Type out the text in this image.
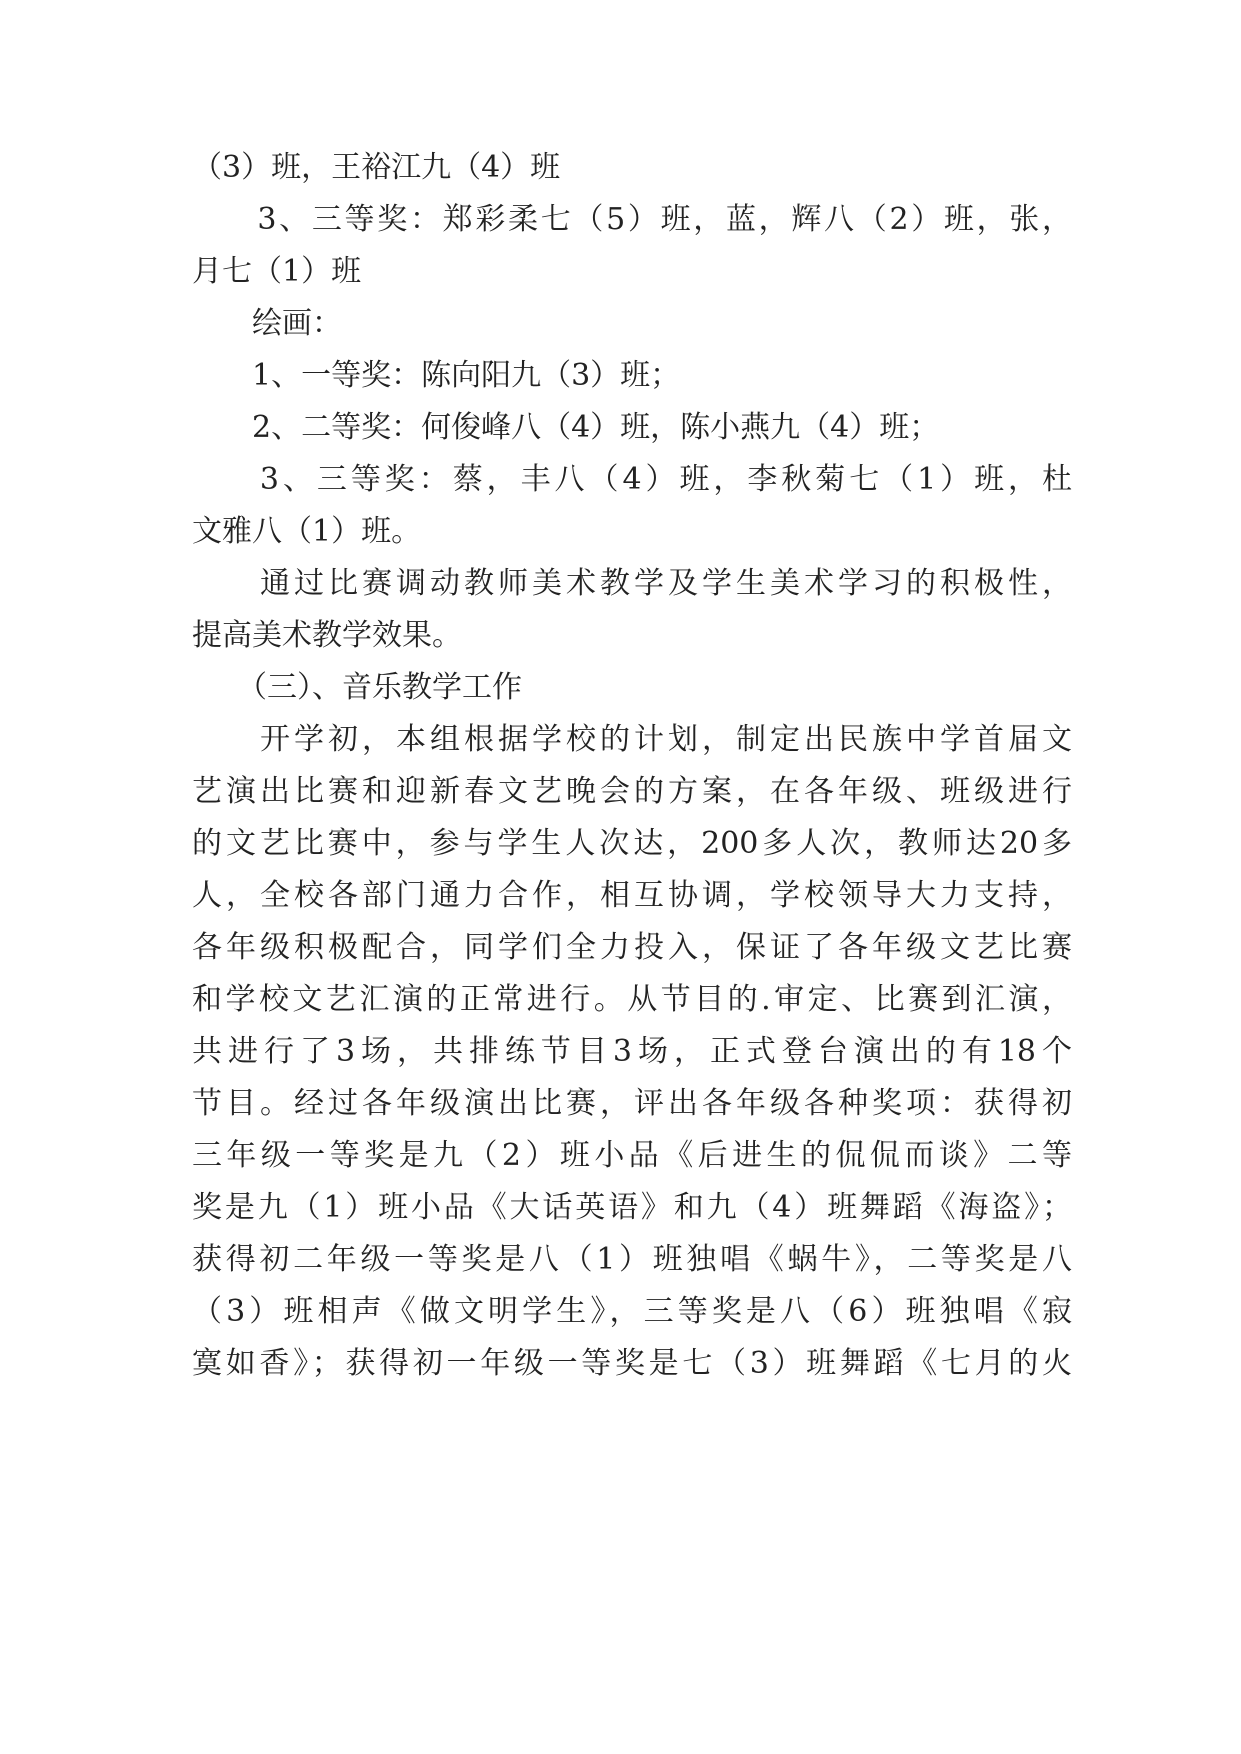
（3）班，王裕江九（4）班
　　3、三等奖：郑彩柔七（5）班，蓝，辉八（2）班，张，
月七（1）班
　　绘画：
　　1、一等奖：陈向阳九（3）班；
　　2、二等奖：何俊峰八（4）班，陈小燕九（4）班；
　　3、三等奖：蔡，丰八（4）班，李秋菊七（1）班，杜
文雅八（1）班。
　　通过比赛调动教师美术教学及学生美术学习的积极性，
提高美术教学效果。
　　（三）、音乐教学工作
　　开学初，本组根据学校的计划，制定出民族中学首届文
艺演出比赛和迎新春文艺晚会的方案，在各年级、班级进行
的文艺比赛中，参与学生人次达，200多人次，教师达20多
人，全校各部门通力合作，相互协调，学校领导大力支持，
各年级积极配合，同学们全力投入，保证了各年级文艺比赛
和学校文艺汇演的正常进行。从节目的.审定、比赛到汇演，
共进行了3场，共排练节目3场，正式登台演出的有18个
节目。经过各年级演出比赛，评出各年级各种奖项：获得初
三年级一等奖是九（2）班小品《后进生的侃侃而谈》二等
奖是九（1）班小品《大话英语》和九（4）班舞蹈《海盗》；
获得初二年级一等奖是八（1）班独唱《蜗牛》，二等奖是八
（3）班相声《做文明学生》，三等奖是八（6）班独唱《寂
寞如香》；获得初一年级一等奖是七（3）班舞蹈《七月的火
